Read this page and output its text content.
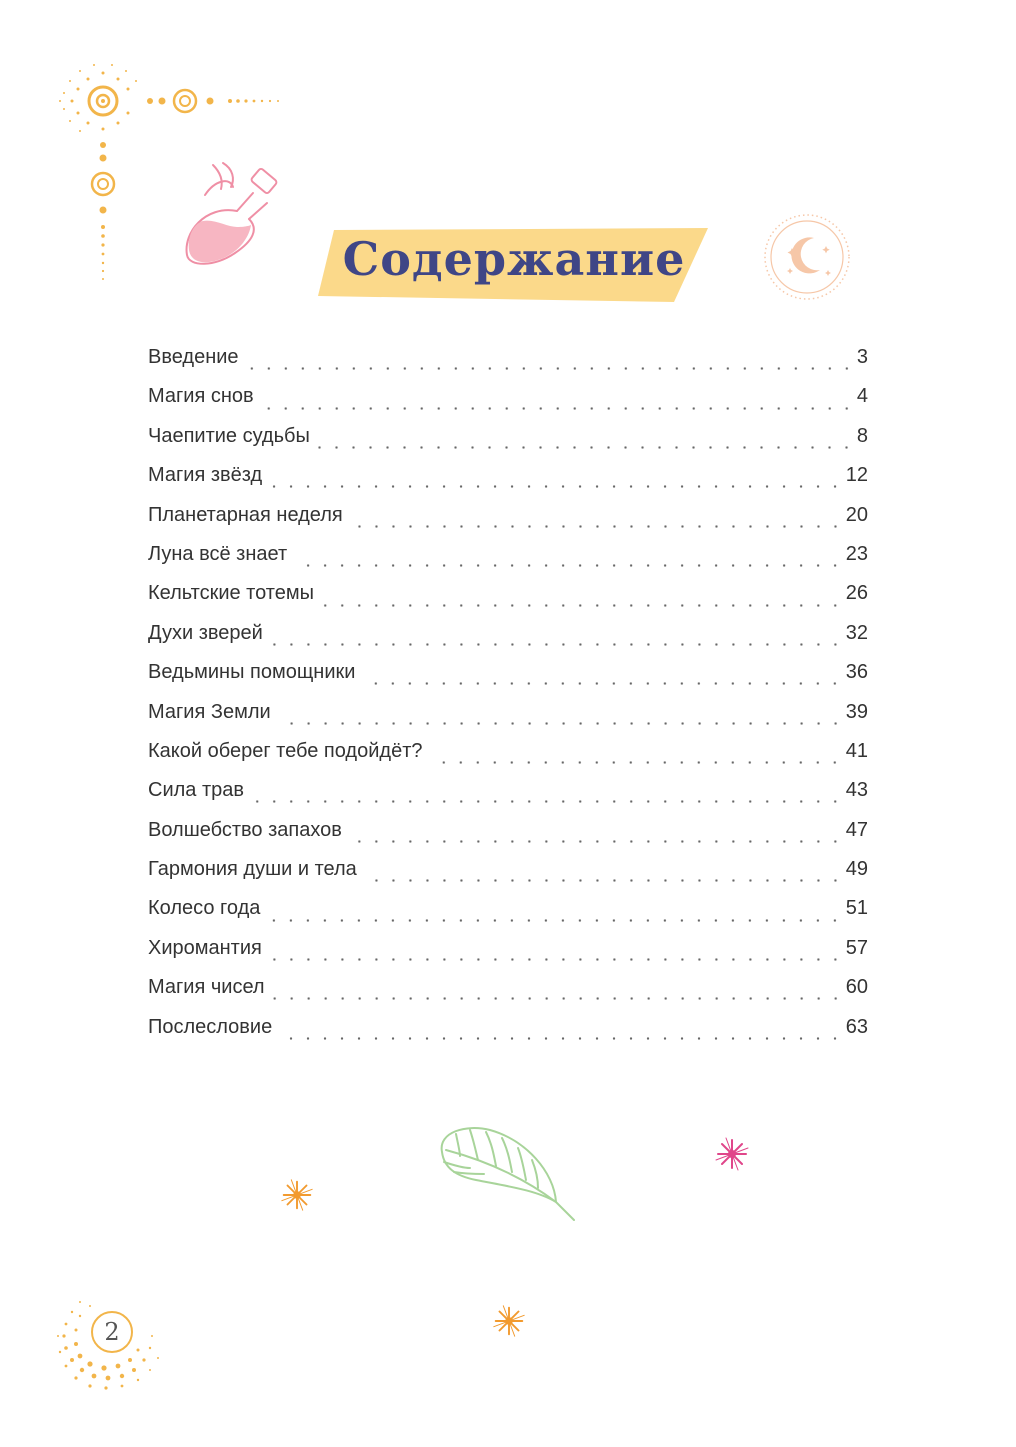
Содержание
Введение	3
Магия снов	4
Чаепитие судьбы	8
Магия звёзд	12
Планетарная неделя	20
Луна всё знает	23
Кельтские тотемы	26
Духи зверей	32
Ведьмины помощники	36
Магия Земли	39
Какой оберег тебе подойдёт?	41
Сила трав	43
Волшебство запахов	47
Гармония души и тела	49
Колесо года	51
Хиромантия	57
Магия чисел	60
Послесловие	63
2
